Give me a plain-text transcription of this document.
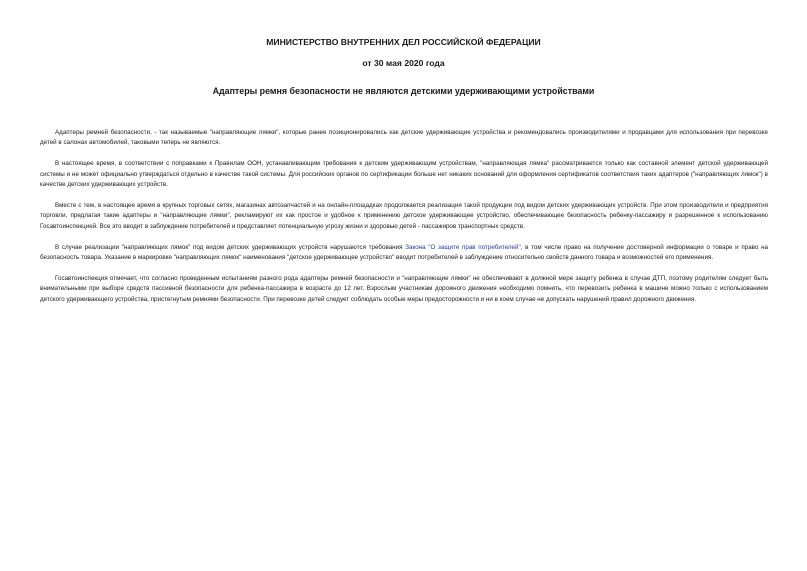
МИНИСТЕРСТВО ВНУТРЕННИХ ДЕЛ РОССИЙСКОЙ ФЕДЕРАЦИИ
от 30 мая 2020 года
Адаптеры ремня безопасности не являются детскими удерживающими устройствами

Адаптеры ремней безопасности, - так называемые "направляющие лямки", которые ранее позиционировались как детские удерживающие устройства и рекомендовались производителями и продавцами для использования при перевозке детей в салонах автомобилей, таковыми теперь не являются.

В настоящее время, в соответствии с поправками к Правилам ООН, устанавливающим требования к детским удерживающим устройствам, "направляющая лямка" рассматривается только как составной элемент детской удерживающей системы и не может официально утверждаться отдельно в качестве такой системы. Для российских органов по сертификации больше нет никаких оснований для оформления сертификатов соответствия таких адаптеров ("направляющих лямок") в качестве детских удерживающих устройств.

Вместе с тем, в настоящее время в крупных торговых сетях, магазинах автозапчастей и на онлайн-площадках продолжается реализация такой продукции под видом детских удерживающих устройств. При этом производители и предприятия торговли, предлагая такие адаптеры и "направляющие лямки", рекламируют их как простое и удобное к применению детское удерживающее устройство, обеспечивающее безопасность ребенку-пассажиру и разрешенное к использованию Госавтоинспекцией. Все это вводит в заблуждение потребителей и представляет потенциальную угрозу жизни и здоровью детей - пассажиров транспортных средств.

В случае реализации "направляющих лямок" под видом детских удерживающих устройств нарушаются требования Закона "О защите прав потребителей", в том числе право на получение достоверной информации о товаре и право на безопасность товара. Указание в маркировке "направляющих лямок" наименования "детское удерживающее устройство" вводит потребителей в заблуждение относительно свойств данного товара и возможностей его применения.

Госавтоинспекция отмечает, что согласно проведенным испытаниям разного рода адаптеры ремней безопасности и "направляющие лямки" не обеспечивают в должной мере защиту ребенка в случае ДТП, поэтому родителям следует быть внимательными при выборе средств пассивной безопасности для ребенка-пассажира в возрасте до 12 лет. Взрослым участникам дорожного движения необходимо помнить, что перевозить ребенка в машине можно только с использованием детского удерживающего устройства, пристегнутым ремнями безопасности. При перевозке детей следует соблюдать особые меры предосторожности и ни в коем случае не допускать нарушений правил дорожного движения.
